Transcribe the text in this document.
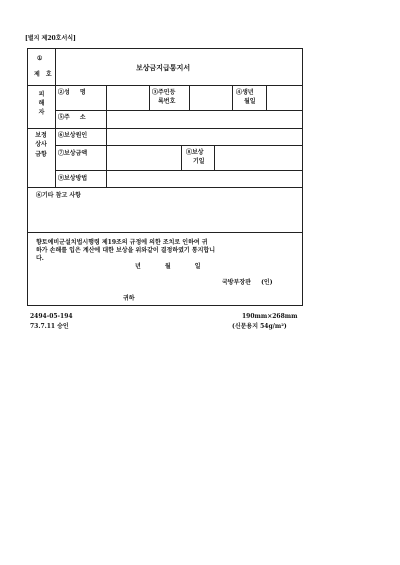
[별지 제20호서식]
①
제 호
보상금지급통지서
피해자
②성 명	③주민등
록번호
④생년
월일
⑤주 소
보정상사금항
⑥보상원인
⑦보상금액	⑧보상
기일
⑨보상방법
⑥기타 참고 사항
향토예비군설치법시행령 제19조의 규정에 의한 조치로 인하여 귀
하가 손해를 입은 계산에 대한 보상을 위와같이 결정하였기 통지합니
다.
년 월 일
국방부장관 (인)
귀하
2494-05-194
73.7.11 승인
190mm×268mm
(신문용지 54g/m²)
